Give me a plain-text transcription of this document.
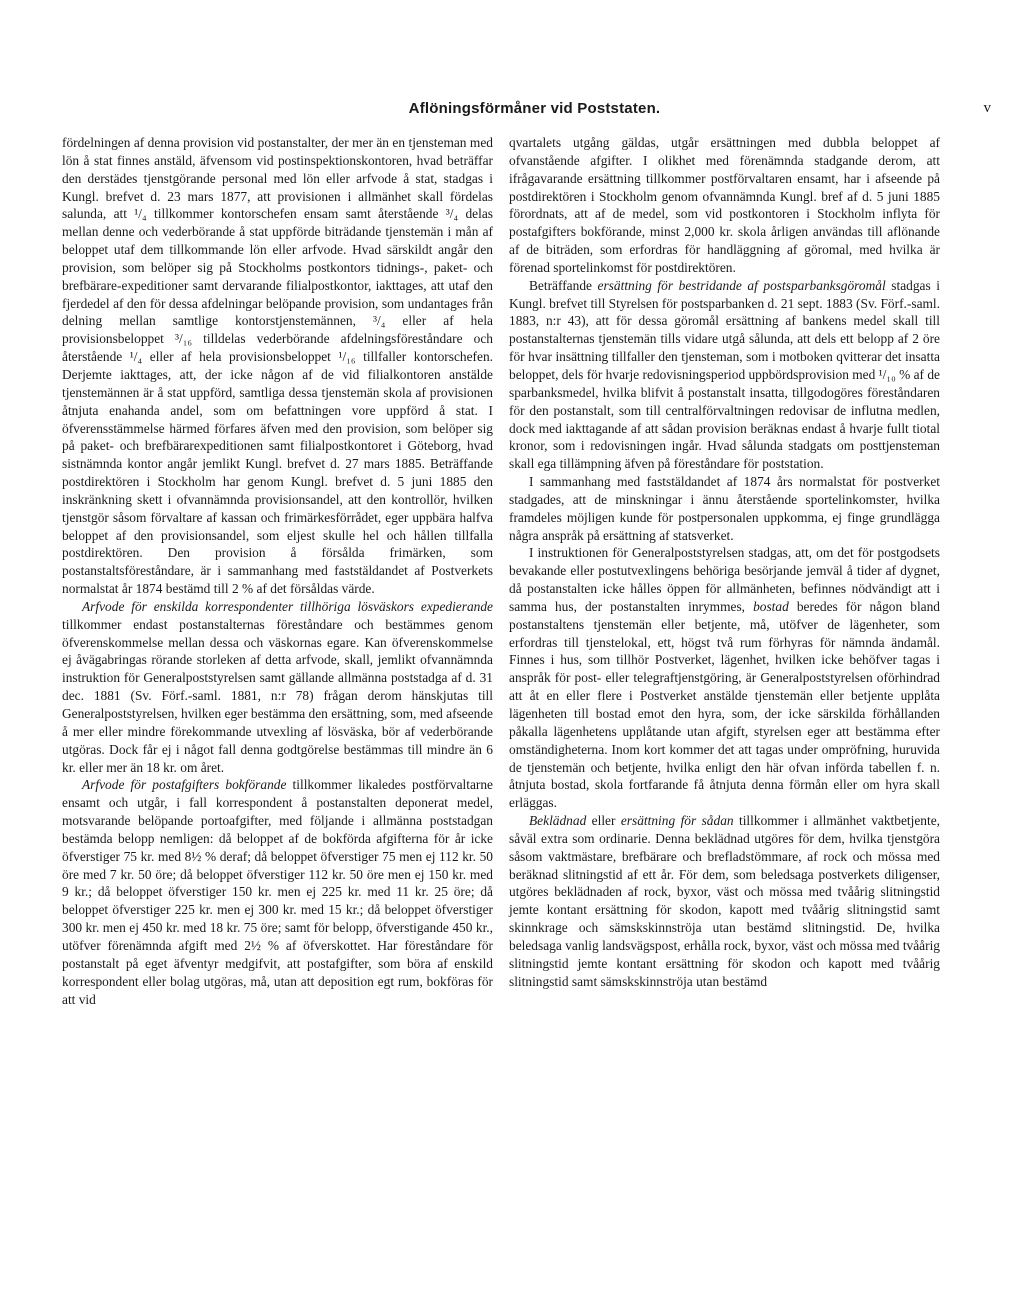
Aflöningsförmåner vid Poststaten.	v

fördelningen af denna provision vid postanstalter, der mer än en tjensteman med lön å stat finnes anstäld, äfvensom vid postinspektionskontoren, hvad beträffar den derstädes tjenstgörande personal med lön eller arfvode å stat, stadgas i Kungl. brefvet d. 23 mars 1877, att provisionen i allmänhet skall fördelas salunda, att ¹/₄ tillkommer kontorschefen ensam samt återstående ³/₄ delas mellan denne och vederbörande å stat uppförde biträdande tjenstemän i mån af beloppet utaf dem tillkommande lön eller arfvode. Hvad särskildt angår den provision, som belöper sig på Stockholms postkontors tidnings-, paket- och brefbärare-expeditioner samt dervarande filialpostkontor, iakttages, att utaf den fjerdedel af den för dessa afdelningar belöpande provision, som undantages från delning mellan samtlige kontorstjenstemännen, ³/₄ eller af hela provisionsbeloppet ³/₁₆ tilldelas vederbörande afdelningsföreståndare och återstående ¹/₄ eller af hela provisionsbeloppet ¹/₁₆ tillfaller kontorschefen. Derjemte iakttages, att, der icke någon af de vid filialkontoren anstälde tjenstemännen är å stat uppförd, samtliga dessa tjenstemän skola af provisionen åtnjuta enahanda andel, som om befattningen vore uppförd å stat. I öfverensstämmelse härmed förfares äfven med den provision, som belöper sig på paket- och brefbärarexpeditionen samt filialpostkontoret i Göteborg, hvad sistnämnda kontor angår jemlikt Kungl. brefvet d. 27 mars 1885. Beträffande postdirektören i Stockholm har genom Kungl. brefvet d. 5 juni 1885 den inskränkning skett i ofvannämnda provisionsandel, att den kontrollör, hvilken tjenstgör såsom förvaltare af kassan och frimärkesförrådet, eger uppbära halfva beloppet af den provisionsandel, som eljest skulle hel och hållen tillfalla postdirektören. Den provision å försålda frimärken, som postanstaltsföreståndare, är i sammanhang med faststäldandet af Postverkets normalstat år 1874 bestämd till 2 % af det försåldas värde.

Arfvode för enskilda korrespondenter tillhöriga lösväskors expedierande tillkommer endast postanstalternas föreståndare och bestämmes genom öfverenskommelse mellan dessa och väskornas egare. Kan öfverenskommelse ej åvägabringas rörande storleken af detta arfvode, skall, jemlikt ofvannämnda instruktion för Generalpoststyrelsen samt gällande allmänna poststadga af d. 31 dec. 1881 (Sv. Förf.-saml. 1881, n:r 78) frågan derom hänskjutas till Generalpoststyrelsen, hvilken eger bestämma den ersättning, som, med afseende å mer eller mindre förekommande utvexling af lösväska, bör af vederbörande utgöras. Dock får ej i något fall denna godtgörelse bestämmas till mindre än 6 kr. eller mer än 18 kr. om året.

Arfvode för postafgifters bokförande tillkommer likaledes postförvaltarne ensamt och utgår, i fall korrespondent å postanstalten deponerat medel, motsvarande belöpande portoafgifter, med följande i allmänna poststadgan bestämda belopp nemligen: då beloppet af de bokförda afgifterna för år icke öfverstiger 75 kr. med 8½ % deraf; då beloppet öfverstiger 75 men ej 112 kr. 50 öre med 7 kr. 50 öre; då beloppet öfverstiger 112 kr. 50 öre men ej 150 kr. med 9 kr.; då beloppet öfverstiger 150 kr. men ej 225 kr. med 11 kr. 25 öre; då beloppet öfverstiger 225 kr. men ej 300 kr. med 15 kr.; då beloppet öfverstiger 300 kr. men ej 450 kr. med 18 kr. 75 öre; samt för belopp, öfverstigande 450 kr., utöfver förenämnda afgift med 2½ % af öfverskottet. Har föreståndare för postanstalt på eget äfventyr medgifvit, att postafgifter, som böra af enskild korrespondent eller bolag utgöras, må, utan att deposition egt rum, bokföras för att vid

qvartalets utgång gäldas, utgår ersättningen med dubbla beloppet af ofvanstående afgifter. I olikhet med förenämnda stadgande derom, att ifrågavarande ersättning tillkommer postförvaltaren ensamt, har i afseende på postdirektören i Stockholm genom ofvannämnda Kungl. bref af d. 5 juni 1885 förordnats, att af de medel, som vid postkontoren i Stockholm inflyta för postafgifters bokförande, minst 2,000 kr. skola årligen användas till aflönande af de biträden, som erfordras för handläggning af göromal, med hvilka är förenad sportelinkomst för postdirektören.

Beträffande ersättning för bestridande af postsparbanksgöromål stadgas i Kungl. brefvet till Styrelsen för postsparbanken d. 21 sept. 1883 (Sv. Förf.-saml. 1883, n:r 43), att för dessa göromål ersättning af bankens medel skall till postanstalternas tjenstemän tills vidare utgå sålunda, att dels ett belopp af 2 öre för hvar insättning tillfaller den tjensteman, som i motboken qvitterar det insatta beloppet, dels för hvarje redovisningsperiod uppbördsprovision med ¹/₁₀ % af de sparbanksmedel, hvilka blifvit å postanstalt insatta, tillgodogöres föreståndaren för den postanstalt, som till centralförvaltningen redovisar de influtna medlen, dock med iakttagande af att sådan provision beräknas endast å hvarje fullt tiotal kronor, som i redovisningen ingår. Hvad sålunda stadgats om posttjensteman skall ega tillämpning äfven på föreståndare för poststation.

I sammanhang med faststäldandet af 1874 års normalstat för postverket stadgades, att de minskningar i ännu återstående sportelinkomster, hvilka framdeles möjligen kunde för postpersonalen uppkomma, ej finge grundlägga några anspråk på ersättning af statsverket.

I instruktionen för Generalpoststyrelsen stadgas, att, om det för postgodsets bevakande eller postutvexlingens behöriga besörjande jemväl å tider af dygnet, då postanstalten icke hålles öppen för allmänheten, befinnes nödvändigt att i samma hus, der postanstalten inrymmes, bostad beredes för någon bland postanstaltens tjenstemän eller betjente, må, utöfver de lägenheter, som erfordras till tjenstelokal, ett, högst två rum förhyras för nämnda ändamål. Finnes i hus, som tillhör Postverket, lägenhet, hvilken icke behöfver tagas i anspråk för post- eller telegraftjenstgöring, är Generalpoststyrelsen oförhindrad att åt en eller flere i Postverket anstälde tjenstemän eller betjente upplåta lägenheten till bostad emot den hyra, som, der icke särskilda förhållanden påkalla lägenhetens upplåtande utan afgift, styrelsen eger att bestämma efter omständigheterna. Inom kort kommer det att tagas under ompröfning, huruvida de tjenstemän och betjente, hvilka enligt den här ofvan införda tabellen f. n. åtnjuta bostad, skola fortfarande få åtnjuta denna förmån eller om hyra skall erläggas.

Beklädnad eller ersättning för sådan tillkommer i allmänhet vaktbetjente, såväl extra som ordinarie. Denna beklädnad utgöres för dem, hvilka tjenstgöra såsom vaktmästare, brefbärare och brefladstömmare, af rock och mössa med beräknad slitningstid af ett år. För dem, som beledsaga postverkets diligenser, utgöres beklädnaden af rock, byxor, väst och mössa med tvåårig slitningstid jemte kontant ersättning för skodon, kapott med tvåårig slitningstid samt skinnkrage och sämskskinnströja utan bestämd slitningstid. De, hvilka beledsaga vanlig landsvägspost, erhålla rock, byxor, väst och mössa med tvåårig slitningstid jemte kontant ersättning för skodon och kapott med tvåårig slitningstid samt sämskskinnströja utan bestämd
